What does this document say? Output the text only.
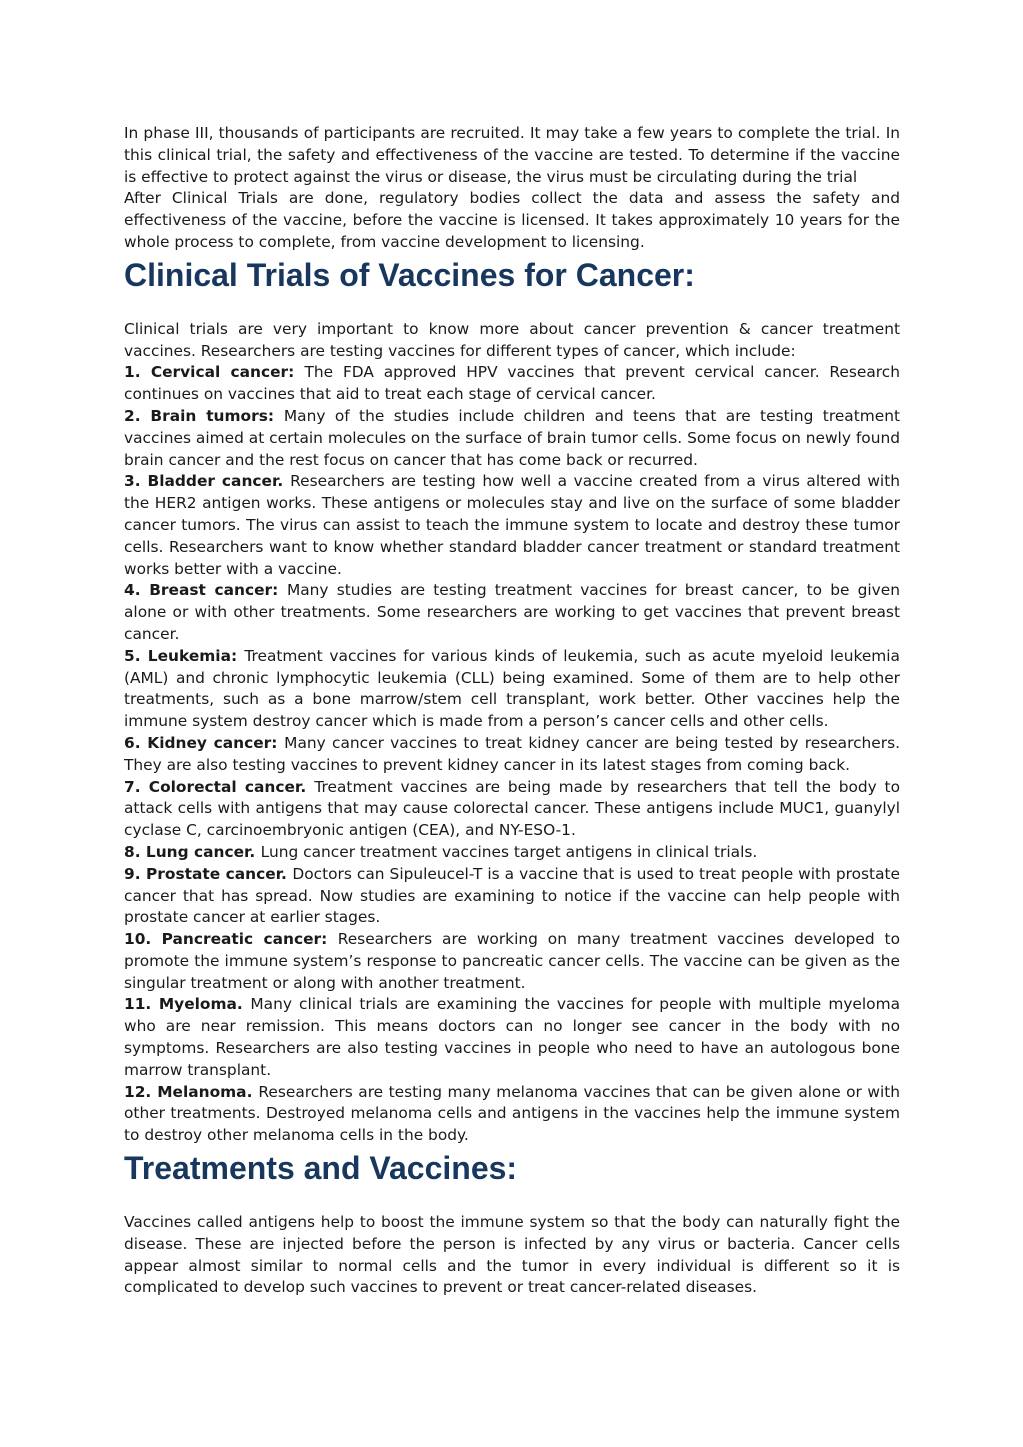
In phase III, thousands of participants are recruited. It may take a few years to complete the trial. In this clinical trial, the safety and effectiveness of the vaccine are tested. To determine if the vaccine is effective to protect against the virus or disease, the virus must be circulating during the trial

After Clinical Trials are done, regulatory bodies collect the data and assess the safety and effectiveness of the vaccine, before the vaccine is licensed. It takes approximately 10 years for the whole process to complete, from vaccine development to licensing.

Clinical Trials of Vaccines for Cancer:

Clinical trials are very important to know more about cancer prevention & cancer treatment vaccines. Researchers are testing vaccines for different types of cancer, which include:

1. Cervical cancer: The FDA approved HPV vaccines that prevent cervical cancer. Research continues on vaccines that aid to treat each stage of cervical cancer.

2. Brain tumors: Many of the studies include children and teens that are testing treatment vaccines aimed at certain molecules on the surface of brain tumor cells. Some focus on newly found brain cancer and the rest focus on cancer that has come back or recurred.

3. Bladder cancer. Researchers are testing how well a vaccine created from a virus altered with the HER2 antigen works. These antigens or molecules stay and live on the surface of some bladder cancer tumors. The virus can assist to teach the immune system to locate and destroy these tumor cells. Researchers want to know whether standard bladder cancer treatment or standard treatment works better with a vaccine.

4. Breast cancer: Many studies are testing treatment vaccines for breast cancer, to be given alone or with other treatments. Some researchers are working to get vaccines that prevent breast cancer.

5. Leukemia: Treatment vaccines for various kinds of leukemia, such as acute myeloid leukemia (AML) and chronic lymphocytic leukemia (CLL) being examined. Some of them are to help other treatments, such as a bone marrow/stem cell transplant, work better. Other vaccines help the immune system destroy cancer which is made from a person’s cancer cells and other cells.

6. Kidney cancer: Many cancer vaccines to treat kidney cancer are being tested by researchers. They are also testing vaccines to prevent kidney cancer in its latest stages from coming back.

7. Colorectal cancer. Treatment vaccines are being made by researchers that tell the body to attack cells with antigens that may cause colorectal cancer. These antigens include MUC1, guanylyl cyclase C, carcinoembryonic antigen (CEA), and NY-ESO-1.

8. Lung cancer. Lung cancer treatment vaccines target antigens in clinical trials.

9. Prostate cancer. Doctors can Sipuleucel-T is a vaccine that is used to treat people with prostate cancer that has spread. Now studies are examining to notice if the vaccine can help people with prostate cancer at earlier stages.

10. Pancreatic cancer: Researchers are working on many treatment vaccines developed to promote the immune system’s response to pancreatic cancer cells. The vaccine can be given as the singular treatment or along with another treatment.

11. Myeloma. Many clinical trials are examining the vaccines for people with multiple myeloma who are near remission. This means doctors can no longer see cancer in the body with no symptoms. Researchers are also testing vaccines in people who need to have an autologous bone marrow transplant.

12. Melanoma. Researchers are testing many melanoma vaccines that can be given alone or with other treatments. Destroyed melanoma cells and antigens in the vaccines help the immune system to destroy other melanoma cells in the body.

Treatments and Vaccines:

Vaccines called antigens help to boost the immune system so that the body can naturally fight the disease. These are injected before the person is infected by any virus or bacteria. Cancer cells appear almost similar to normal cells and the tumor in every individual is different so it is complicated to develop such vaccines to prevent or treat cancer-related diseases.
